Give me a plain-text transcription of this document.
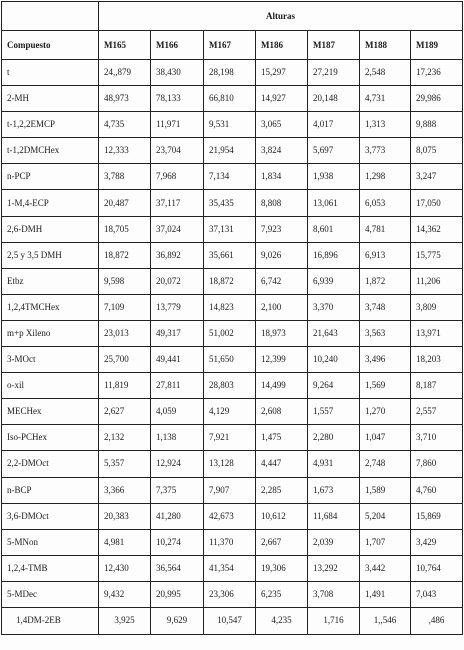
	Alturas						
Compuesto	M165	M166	M167	M186	M187	M188	M189
t	24,,879	38,430	28,198	15,297	27,219	2,548	17,236
2-MH	48,973	78,133	66,810	14,927	20,148	4,731	29,986
t-1,2,2EMCP	4,735	11,971	9,531	3,065	4,017	1,313	9,888
t-1,2DMCHex	12,333	23,704	21,954	3,824	5,697	3,773	8,075
n-PCP	3,788	7,968	7,134	1,834	1,938	1,298	3,247
1-M,4-ECP	20,487	37,117	35,435	8,808	13,061	6,053	17,050
2,6-DMH	18,705	37,024	37,131	7,923	8,601	4,781	14,362
2,5 y 3,5 DMH	18,872	36,892	35,661	9,026	16,896	6,913	15,775
Etbz	9,598	20,072	18,872	6,742	6,939	1,872	11,206
1,2,4TMCHex	7,109	13,779	14,823	2,100	3,370	3,748	3,809
m+p Xileno	23,013	49,317	51,002	18,973	21,643	3,563	13,971
3-MOct	25,700	49,441	51,650	12,399	10,240	3,496	18,203
o-xil	11,819	27,811	28,803	14,499	9,264	1,569	8,187
MECHex	2,627	4,059	4,129	2,608	1,557	1,270	2,557
Iso-PCHex	2,132	1,138	7,921	1,475	2,280	1,047	3,710
2,2-DMOct	5,357	12,924	13,128	4,447	4,931	2,748	7,860
n-BCP	3,366	7,375	7,907	2,285	1,673	1,589	4,760
3,6-DMOct	20,383	41,280	42,673	10,612	11,684	5,204	15,869
5-MNon	4,981	10,274	11,370	2,667	2,039	1,707	3,429
1,2,4-TMB	12,430	36,564	41,354	19,306	13,292	3,442	10,764
5-MDec	9,432	20,995	23,306	6,235	3,708	1,491	7,043
1,4DM-2EB	3,925	9,629	10,547	4,235	1,716	1,,546	,486
